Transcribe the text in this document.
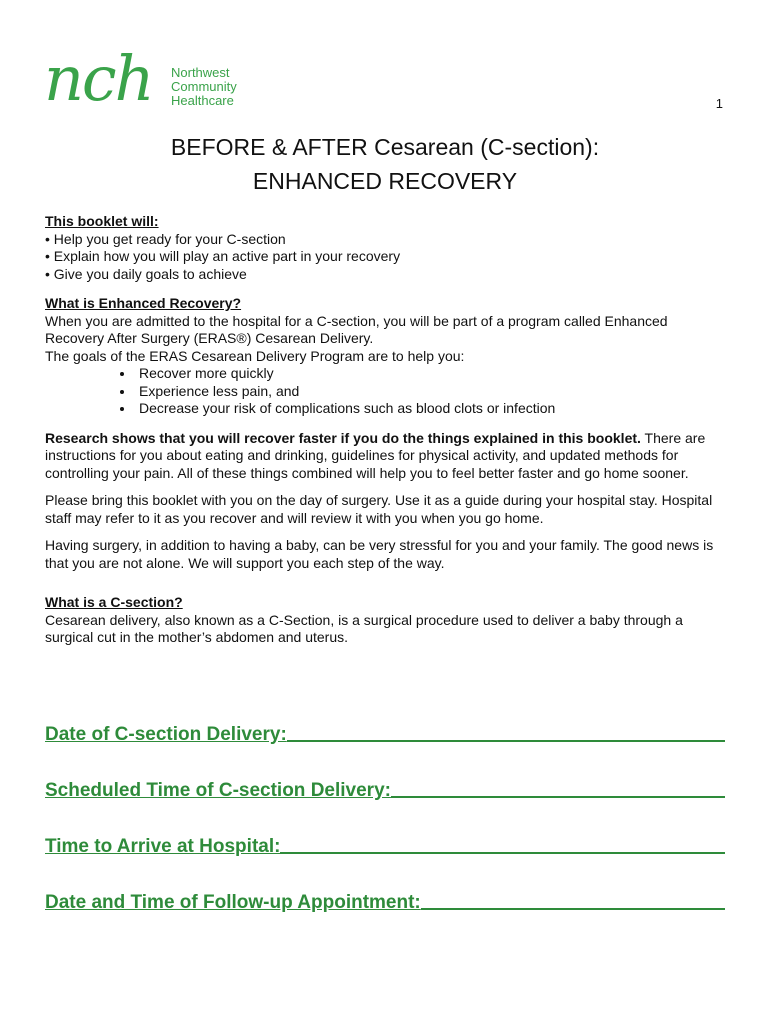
nch Northwest
Community
Healthcare	1
BEFORE & AFTER Cesarean (C-section):
ENHANCED RECOVERY
This booklet will:
• Help you get ready for your C-section
• Explain how you will play an active part in your recovery
• Give you daily goals to achieve
What is Enhanced Recovery?

When you are admitted to the hospital for a C-section, you will be part of a program called Enhanced Recovery After Surgery (ERAS®) Cesarean Delivery.

The goals of the ERAS Cesarean Delivery Program are to help you:

• Recover more quickly
• Experience less pain, and
• Decrease your risk of complications such as blood clots or infection

Research shows that you will recover faster if you do the things explained in this booklet. There are instructions for you about eating and drinking, guidelines for physical activity, and updated methods for controlling your pain. All of these things combined will help you to feel better faster and go home sooner.

Please bring this booklet with you on the day of surgery. Use it as a guide during your hospital stay. Hospital staff may refer to it as you recover and will review it with you when you go home.

Having surgery, in addition to having a baby, can be very stressful for you and your family. The good news is that you are not alone. We will support you each step of the way.

What is a C-section?

Cesarean delivery, also known as a C-Section, is a surgical procedure used to deliver a baby through a surgical cut in the mother’s abdomen and uterus.

Date of C-section Delivery:
Scheduled Time of C-section Delivery:
Time to Arrive at Hospital:
Date and Time of Follow-up Appointment:
